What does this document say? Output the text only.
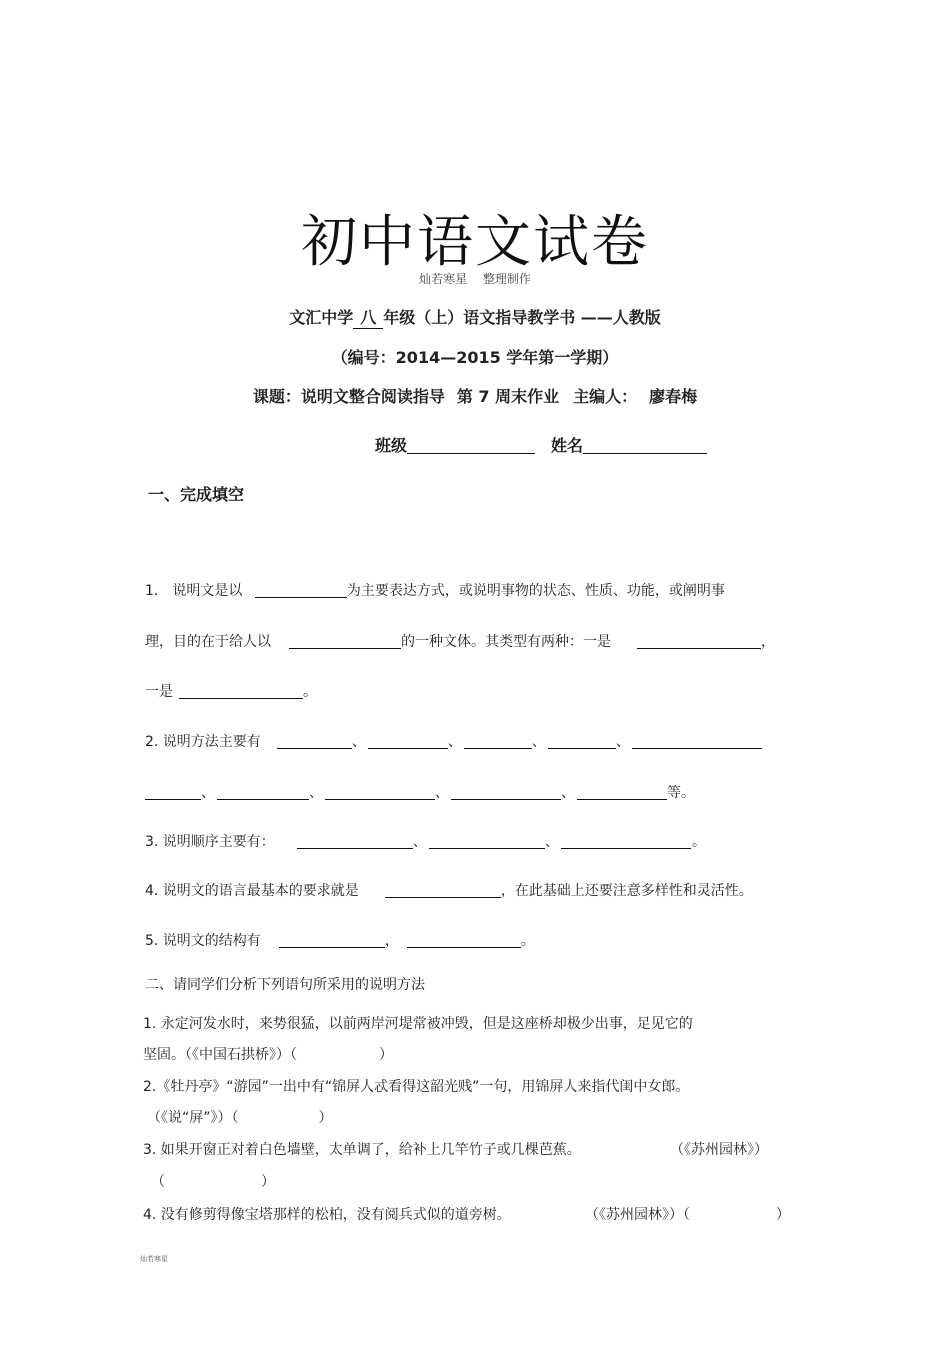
初中语文试卷
灿若寒星 整理制作
文汇中学 八 年级（上）语文指导教学书 ——人教版
（编号：2014—2015 学年第一学期）
课题：说明文整合阅读指导 第 7 周末作业 主编人： 廖春梅
班级	姓名
一、完成填空
1． 说明文是以	为主要表达方式，或说明事物的状态、性质、功能，或阐明事
理，目的在于给人以	的一种文体。其类型有两种：一是	，
一是	。
2. 说明方法主要有	、	、	、	、
、	、	、	、	等。
3. 说明顺序主要有：	、	、	。
4. 说明文的语言最基本的要求就是	，在此基础上还要注意多样性和灵活性。
5. 说明文的结构有	，	。
二、请同学们分析下列语句所采用的说明方法
1. 永定河发水时，来势很猛，以前两岸河堤常被冲毁，但是这座桥却极少出事，足见它的
坚固。（《中国石拱桥》）（	）
2.《牡丹亭》“游园”一出中有“锦屏人忒看得这韶光贱”一句，用锦屏人来指代闺中女郎。
（《说“屏”》）（	）
3. 如果开窗正对着白色墙壁，太单调了，给补上几竿竹子或几棵芭蕉。	（《苏州园林》）
（	）
4. 没有修剪得像宝塔那样的松柏，没有阅兵式似的道旁树。	（《苏州园林》）（	）
灿若寒星
